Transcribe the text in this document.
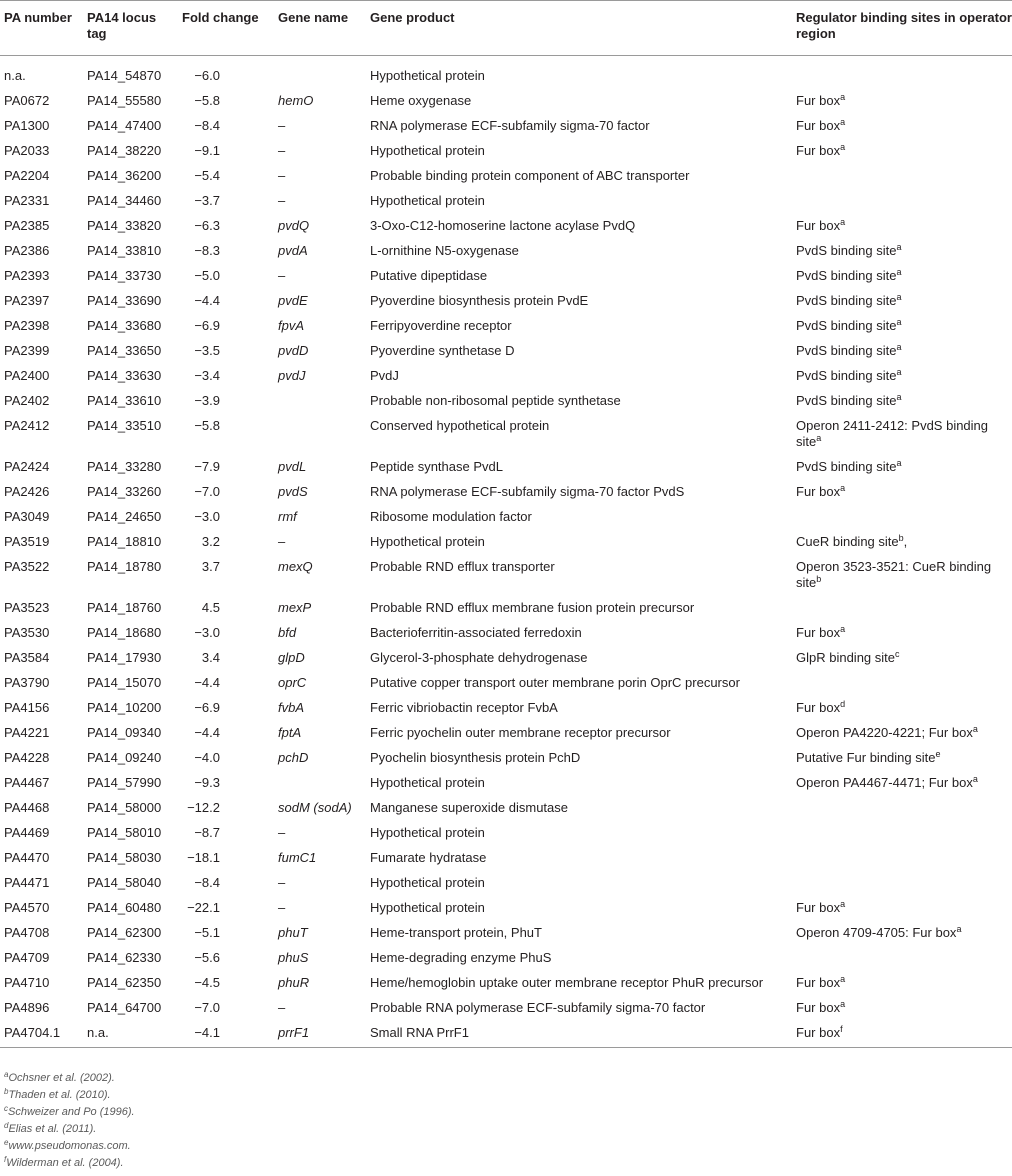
PA number	PA14 locus tag	Fold change	Gene name	Gene product	Regulator binding sites in operator region
n.a.	PA14_54870	−6.0		Hypothetical protein	
PA0672	PA14_55580	−5.8	hemO	Heme oxygenase	Fur box$^a$
PA1300	PA14_47400	−8.4	–	RNA polymerase ECF-subfamily sigma-70 factor	Fur box$^a$
PA2033	PA14_38220	−9.1	–	Hypothetical protein	Fur box$^a$
PA2204	PA14_36200	−5.4	–	Probable binding protein component of ABC transporter	
PA2331	PA14_34460	−3.7	–	Hypothetical protein	
PA2385	PA14_33820	−6.3	pvdQ	3-Oxo-C12-homoserine lactone acylase PvdQ	Fur box$^a$
PA2386	PA14_33810	−8.3	pvdA	L-ornithine N5-oxygenase	PvdS binding site$^a$
PA2393	PA14_33730	−5.0	–	Putative dipeptidase	PvdS binding site$^a$
PA2397	PA14_33690	−4.4	pvdE	Pyoverdine biosynthesis protein PvdE	PvdS binding site$^a$
PA2398	PA14_33680	−6.9	fpvA	Ferripyoverdine receptor	PvdS binding site$^a$
PA2399	PA14_33650	−3.5	pvdD	Pyoverdine synthetase D	PvdS binding site$^a$
PA2400	PA14_33630	−3.4	pvdJ	PvdJ	PvdS binding site$^a$
PA2402	PA14_33610	−3.9		Probable non-ribosomal peptide synthetase	PvdS binding site$^a$
PA2412	PA14_33510	−5.8		Conserved hypothetical protein	Operon 2411-2412: PvdS binding site$^a$
PA2424	PA14_33280	−7.9	pvdL	Peptide synthase PvdL	PvdS binding site$^a$
PA2426	PA14_33260	−7.0	pvdS	RNA polymerase ECF-subfamily sigma-70 factor PvdS	Fur box$^a$
PA3049	PA14_24650	−3.0	rmf	Ribosome modulation factor	
PA3519	PA14_18810	3.2	–	Hypothetical protein	CueR binding site$^b$,
PA3522	PA14_18780	3.7	mexQ	Probable RND efflux transporter	Operon 3523-3521: CueR binding site$^b$
PA3523	PA14_18760	4.5	mexP	Probable RND efflux membrane fusion protein precursor	
PA3530	PA14_18680	−3.0	bfd	Bacterioferritin-associated ferredoxin	Fur box$^a$
PA3584	PA14_17930	3.4	glpD	Glycerol-3-phosphate dehydrogenase	GlpR binding site$^c$
PA3790	PA14_15070	−4.4	oprC	Putative copper transport outer membrane porin OprC precursor	
PA4156	PA14_10200	−6.9	fvbA	Ferric vibriobactin receptor FvbA	Fur box$^d$
PA4221	PA14_09340	−4.4	fptA	Ferric pyochelin outer membrane receptor precursor	Operon PA4220-4221; Fur box$^a$
PA4228	PA14_09240	−4.0	pchD	Pyochelin biosynthesis protein PchD	Putative Fur binding site$^e$
PA4467	PA14_57990	−9.3		Hypothetical protein	Operon PA4467-4471; Fur box$^a$
PA4468	PA14_58000	−12.2	sodM (sodA)	Manganese superoxide dismutase	
PA4469	PA14_58010	−8.7	–	Hypothetical protein	
PA4470	PA14_58030	−18.1	fumC1	Fumarate hydratase	
PA4471	PA14_58040	−8.4	–	Hypothetical protein	
PA4570	PA14_60480	−22.1	–	Hypothetical protein	Fur box$^a$
PA4708	PA14_62300	−5.1	phuT	Heme-transport protein, PhuT	Operon 4709-4705: Fur box$^a$
PA4709	PA14_62330	−5.6	phuS	Heme-degrading enzyme PhuS	
PA4710	PA14_62350	−4.5	phuR	Heme/hemoglobin uptake outer membrane receptor PhuR precursor	Fur box$^a$
PA4896	PA14_64700	−7.0	–	Probable RNA polymerase ECF-subfamily sigma-70 factor	Fur box$^a$
PA4704.1	n.a.	−4.1	prrF1	Small RNA PrrF1	Fur box$^f$
$^a$Ochsner et al. (2002).
$^b$Thaden et al. (2010).
$^c$Schweizer and Po (1996).
$^d$Elias et al. (2011).
$^e$www.pseudomonas.com.
$^f$Wilderman et al. (2004).
